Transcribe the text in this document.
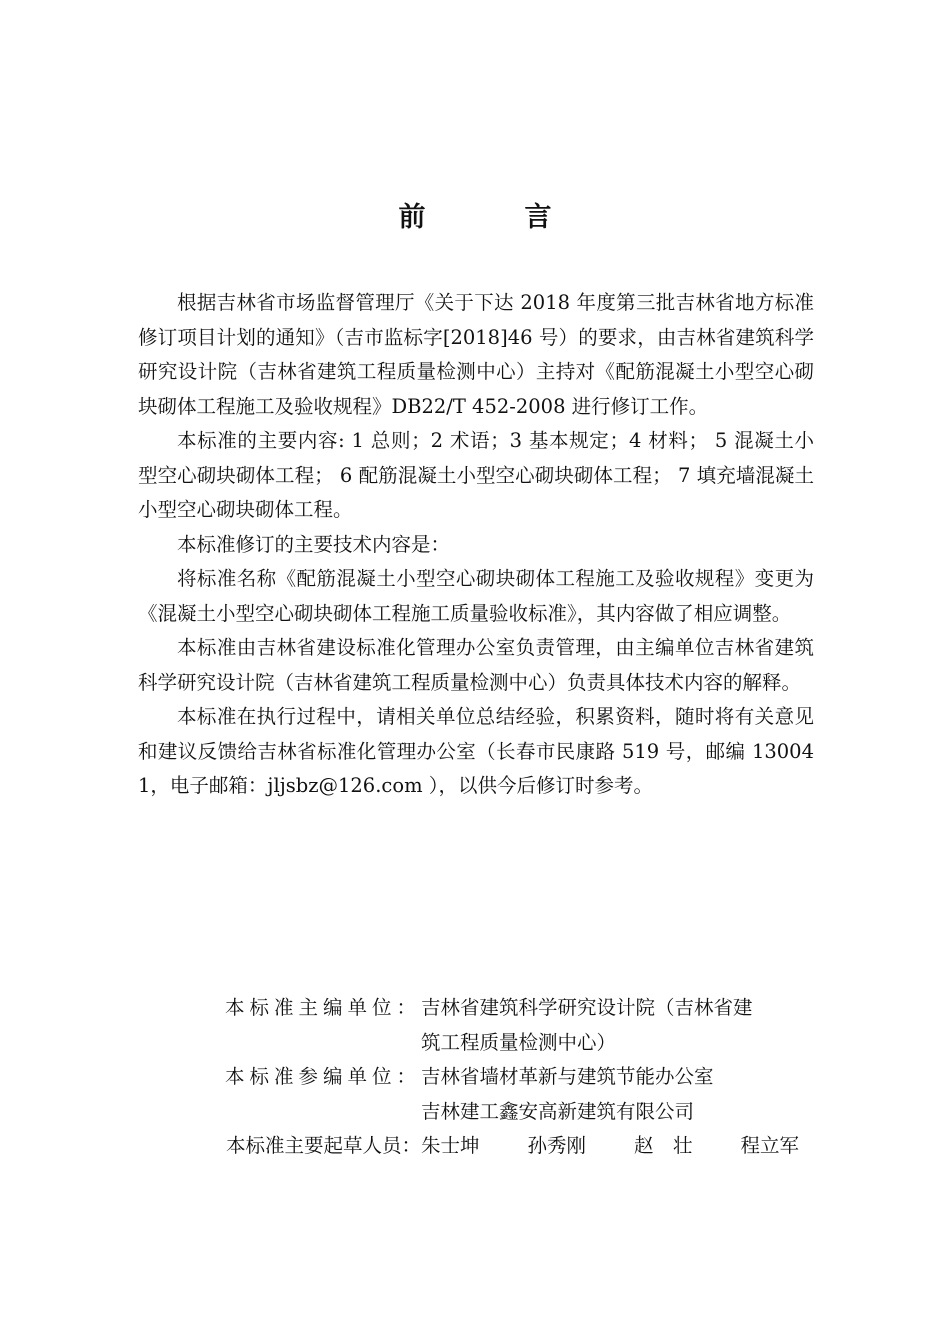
前　言

根据吉林省市场监督管理厅《关于下达 2018 年度第三批吉林省地方标准修订项目计划的通知》（吉市监标字[2018]46 号）的要求，由吉林省建筑科学研究设计院（吉林省建筑工程质量检测中心）主持对《配筋混凝土小型空心砌块砌体工程施工及验收规程》DB22/T 452-2008 进行修订工作。

本标准的主要内容: 1 总则；2 术语；3 基本规定；4 材料； 5 混凝土小型空心砌块砌体工程； 6 配筋混凝土小型空心砌块砌体工程； 7 填充墙混凝土小型空心砌块砌体工程。

本标准修订的主要技术内容是：

将标准名称《配筋混凝土小型空心砌块砌体工程施工及验收规程》变更为《混凝土小型空心砌块砌体工程施工质量验收标准》，其内容做了相应调整。

本标准由吉林省建设标准化管理办公室负责管理，由主编单位吉林省建筑科学研究设计院（吉林省建筑工程质量检测中心）负责具体技术内容的解释。

本标准在执行过程中，请相关单位总结经验，积累资料，随时将有关意见和建议反馈给吉林省标准化管理办公室（长春市民康路 519 号，邮编 130041，电子邮箱：jljsbz@126.com ），以供今后修订时参考。

本标准主编单位： 吉林省建筑科学研究设计院（吉林省建
筑工程质量检测中心）
本标准参编单位： 吉林省墙材革新与建筑节能办公室
吉林建工鑫安高新建筑有限公司
本标准主要起草人员： 朱士坤 孙秀刚 赵　壮 程立军
